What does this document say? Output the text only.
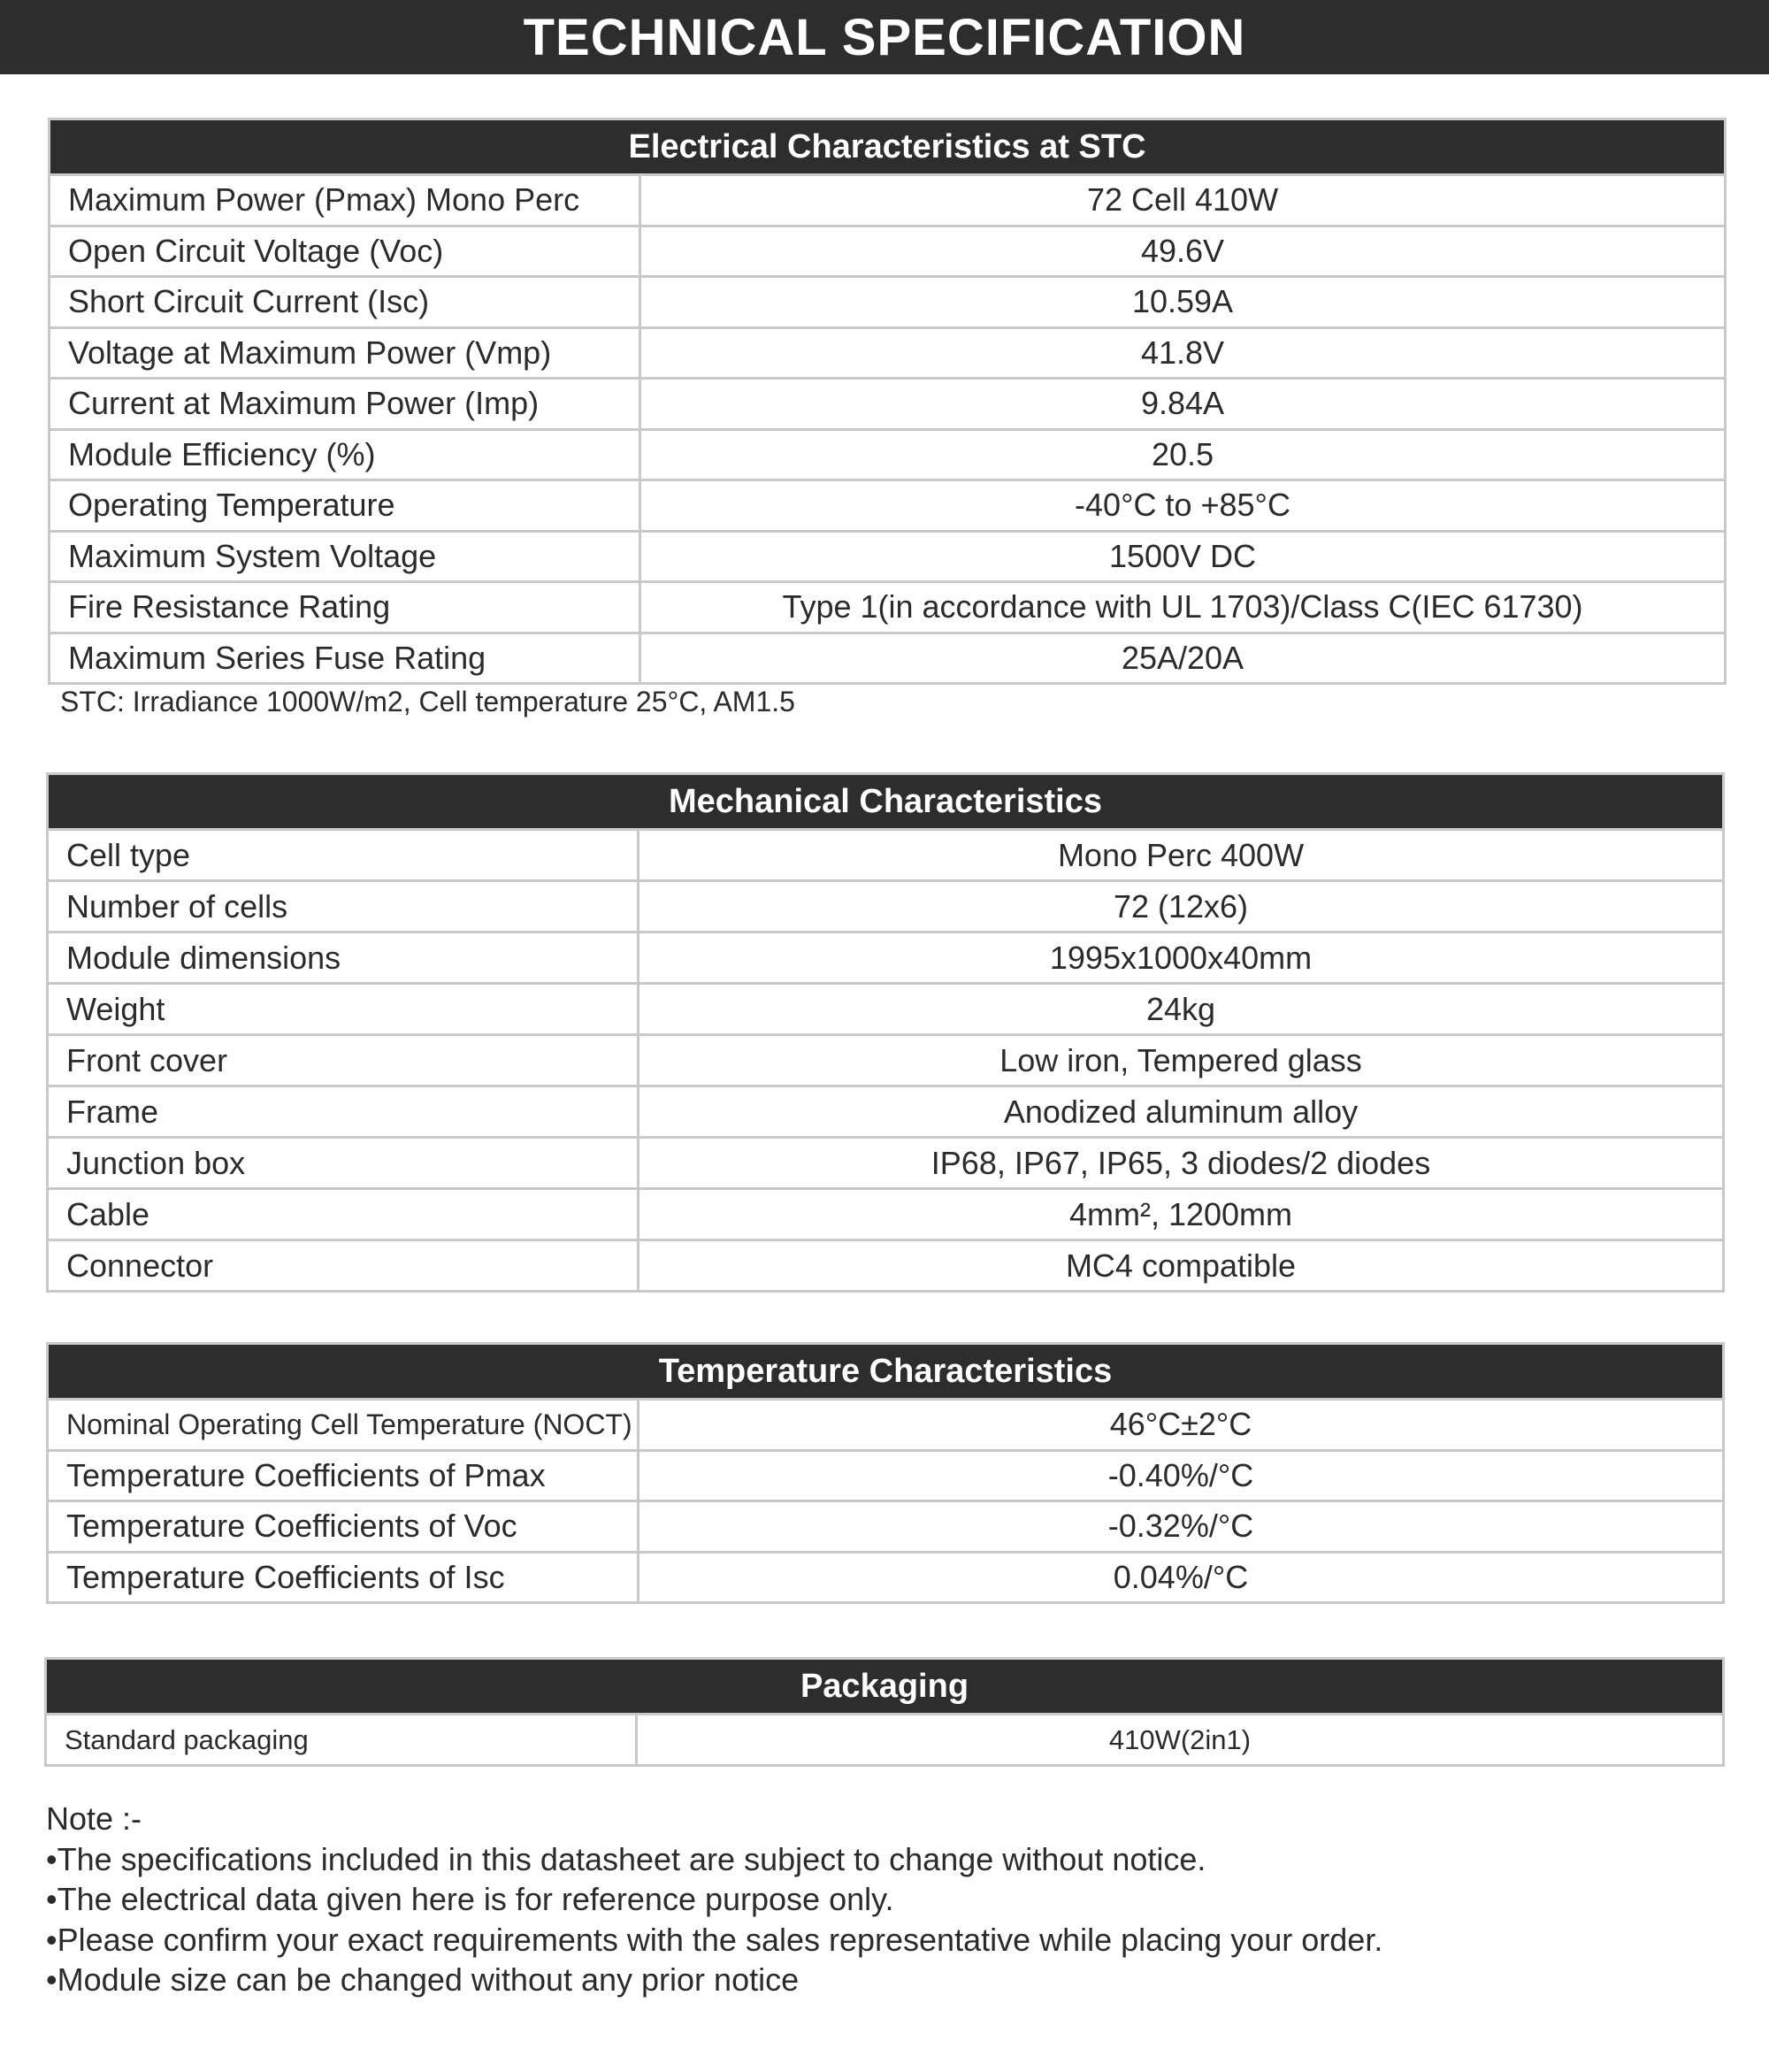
TECHNICAL SPECIFICATION
Electrical Characteristics at STC
Maximum Power (Pmax) Mono Perc	72 Cell 410W
Open Circuit Voltage (Voc)	49.6V
Short Circuit Current (Isc)	10.59A
Voltage at Maximum Power (Vmp)	41.8V
Current at Maximum Power (Imp)	9.84A
Module Efficiency (%)	20.5
Operating Temperature	-40°C to +85°C
Maximum System Voltage	1500V DC
Fire Resistance Rating	Type 1(in accordance with UL 1703)/Class C(IEC 61730)
Maximum Series Fuse Rating	25A/20A
STC: Irradiance 1000W/m2, Cell temperature 25°C, AM1.5
Mechanical Characteristics
Cell type	Mono Perc 400W
Number of cells	72 (12x6)
Module dimensions	1995x1000x40mm
Weight	24kg
Front cover	Low iron, Tempered glass
Frame	Anodized aluminum alloy
Junction box	IP68, IP67, IP65, 3 diodes/2 diodes
Cable	4mm², 1200mm
Connector	MC4 compatible
Temperature Characteristics
Nominal Operating Cell Temperature (NOCT)	46°C±2°C
Temperature Coefficients of Pmax	-0.40%/°C
Temperature Coefficients of Voc	-0.32%/°C
Temperature Coefficients of Isc	0.04%/°C
Packaging
Standard packaging	410W(2in1)

Note :-

•The specifications included in this datasheet are subject to change without notice.

•The electrical data given here is for reference purpose only.

•Please confirm your exact requirements with the sales representative while placing your order.

•Module size can be changed without any prior notice
